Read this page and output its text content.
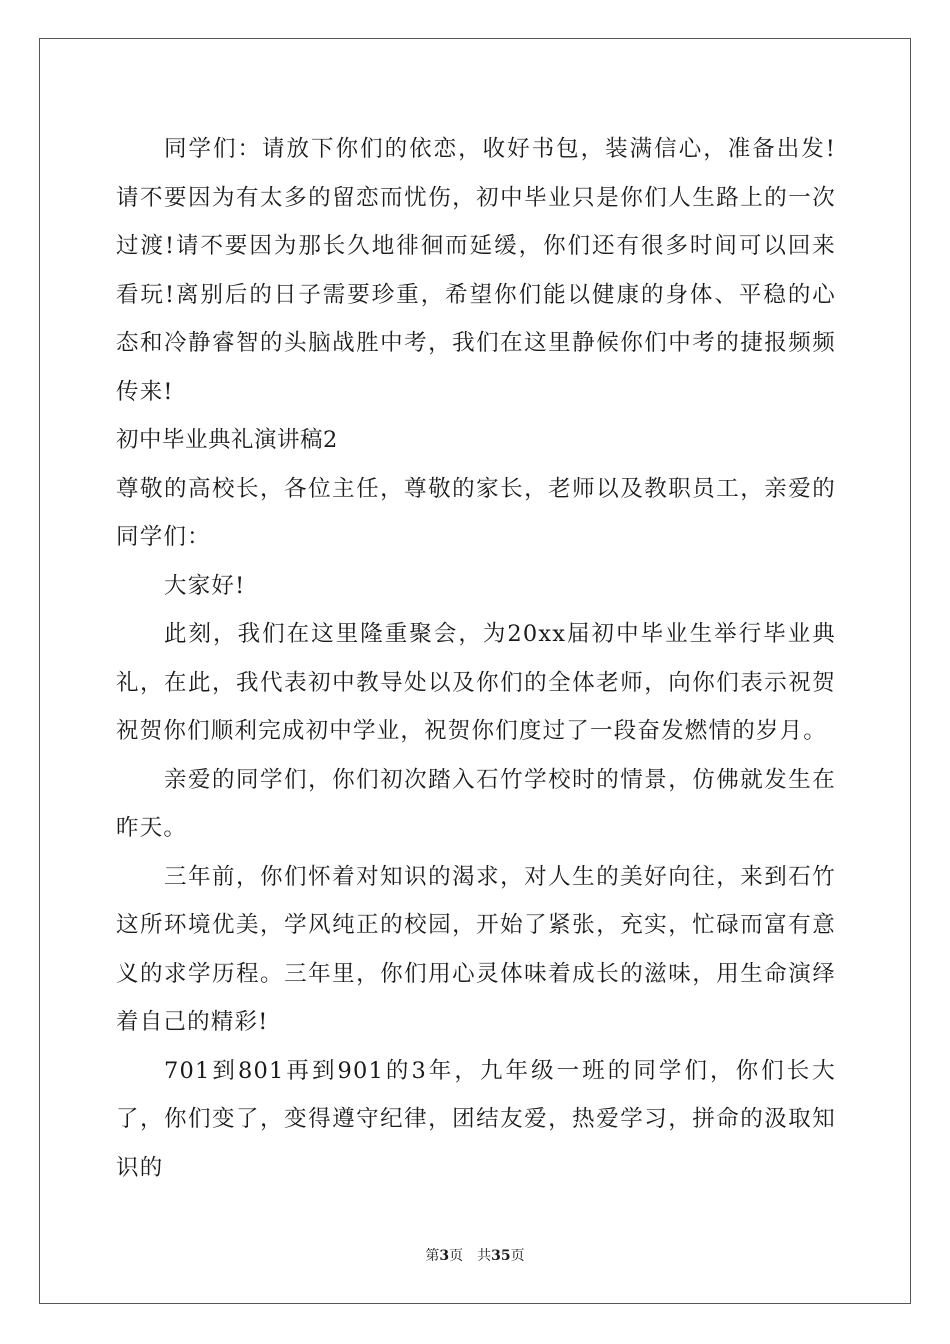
同学们：请放下你们的依恋，收好书包，装满信心，准备出发!请不要因为有太多的留恋而忧伤，初中毕业只是你们人生路上的一次过渡!请不要因为那长久地徘徊而延缓，你们还有很多时间可以回来看玩!离别后的日子需要珍重，希望你们能以健康的身体、平稳的心态和冷静睿智的头脑战胜中考，我们在这里静候你们中考的捷报频频传来!

初中毕业典礼演讲稿2

尊敬的高校长，各位主任，尊敬的家长，老师以及教职员工，亲爱的同学们：

大家好!

此刻，我们在这里隆重聚会，为20xx届初中毕业生举行毕业典礼，在此，我代表初中教导处以及你们的全体老师，向你们表示祝贺祝贺你们顺利完成初中学业，祝贺你们度过了一段奋发燃情的岁月。

亲爱的同学们，你们初次踏入石竹学校时的情景，仿佛就发生在昨天。

三年前，你们怀着对知识的渴求，对人生的美好向往，来到石竹这所环境优美，学风纯正的校园，开始了紧张，充实，忙碌而富有意义的求学历程。三年里，你们用心灵体味着成长的滋味，用生命演绎着自己的精彩!

701到801再到901的3年，九年级一班的同学们，你们长大了，你们变了，变得遵守纪律，团结友爱，热爱学习，拼命的汲取知识的

第3页 共35页
